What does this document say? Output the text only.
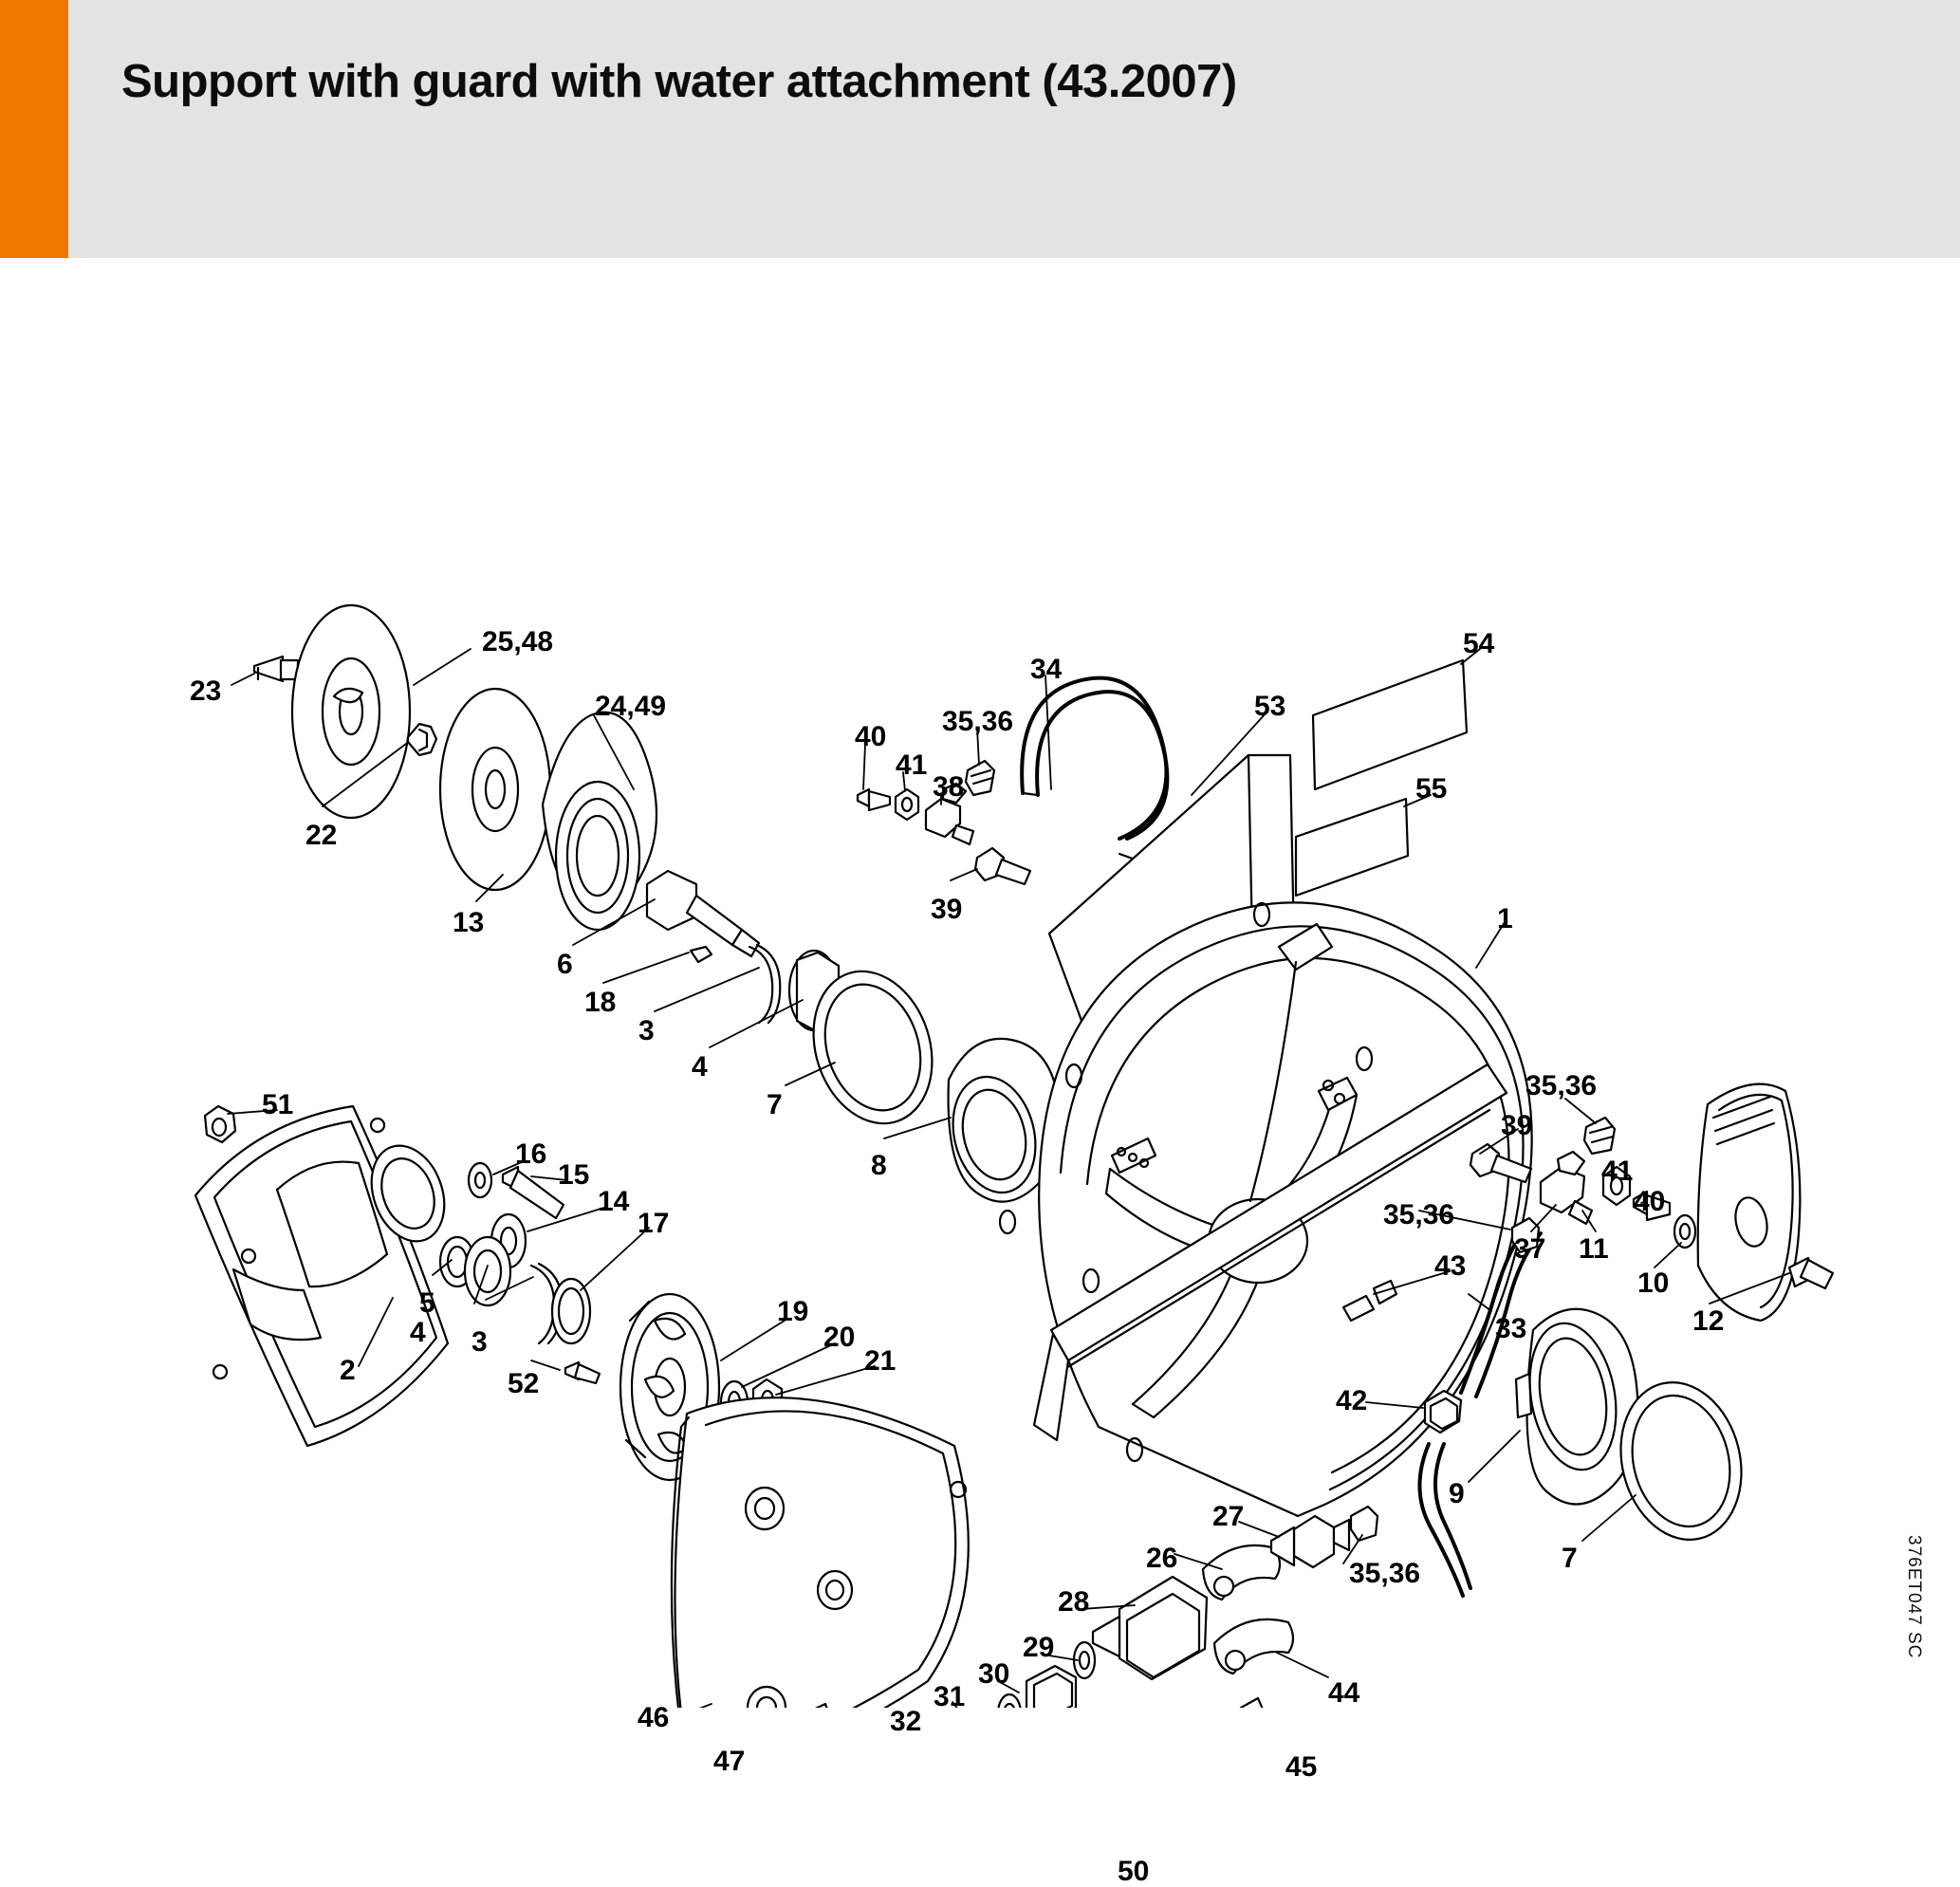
Support with guard with water attachment (43.2007)
23
25,48
22
24,49
13
6
18
3
4
7
8
40
41
38
35,36
34
39
53
54
55
1
51
16
15
14
17
5
4 3
52
2
19
20
21
46
47
32
31
30
29
28
50
45
44
26
27
35,36
9
7
42
33
43
35,36
39
35,36
41
40
37 11
10
12
376ET047 SC
